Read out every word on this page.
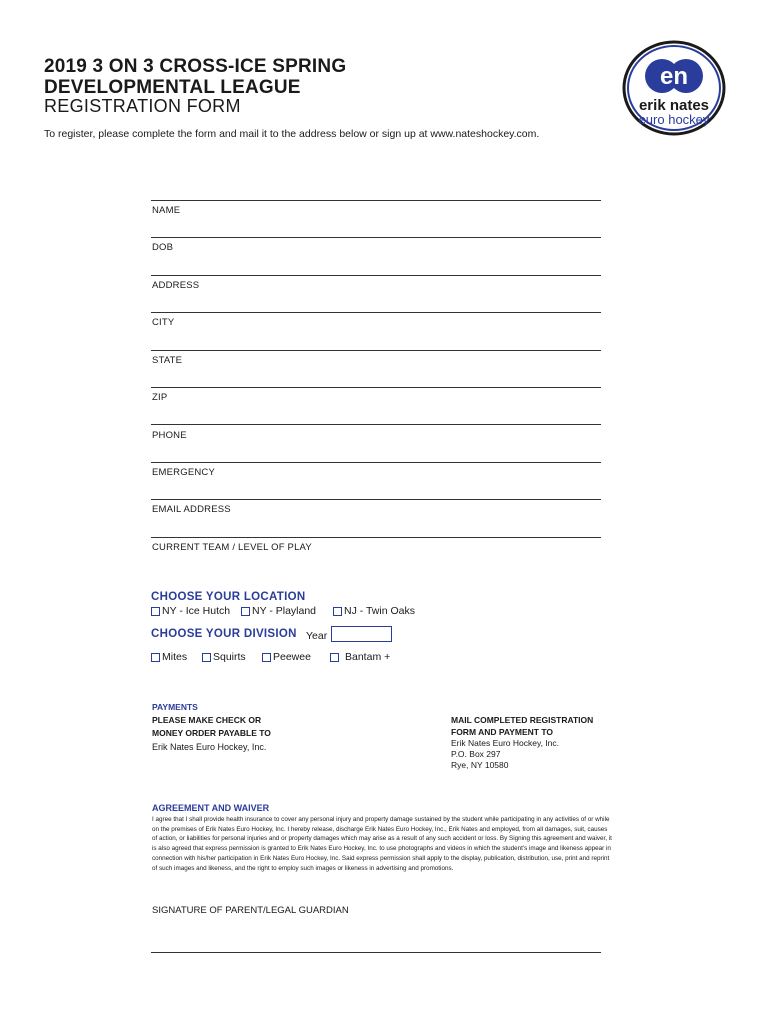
2019 3 ON 3 CROSS-ICE SPRING
DEVELOPMENTAL LEAGUE
REGISTRATION FORM
To register, please complete the form and mail it to the address below or sign up at www.nateshockey.com.
en
erik nates
euro hockey
NAME
DOB
ADDRESS
CITY
STATE
ZIP
PHONE
EMERGENCY
EMAIL ADDRESS
CURRENT TEAM / LEVEL OF PLAY
CHOOSE YOUR LOCATION
NY - Ice Hutch NY - Playland	NJ - Twin Oaks
CHOOSE YOUR DIVISION Year
Mites Squirts	Peewee	Bantam +
PAYMENTS
PLEASE MAKE CHECK OR
MONEY ORDER PAYABLE TO
Erik Nates Euro Hockey, Inc.
MAIL COMPLETED REGISTRATION
FORM AND PAYMENT TO
Erik Nates Euro Hockey, Inc.
P.O. Box 297
Rye, NY 10580
AGREEMENT AND WAIVER
I agree that I shall provide health insurance to cover any personal injury and property damage sustained by the student while participating in any activities of or while on the premises of Erik Nates Euro Hockey, Inc. I hereby release, discharge Erik Nates Euro Hockey, Inc., Erik Nates and employed, from all damages, suit, causes of action, or liabilities for personal injuries and or property damages which may arise as a result of any such accident or loss. By Signing this agreement and waiver, it is also agreed that express permission is granted to Erik Nates Euro Hockey, Inc. to use photographs and videos in which the student's image and likeness appear in connection with his/her participation in Erik Nates Euro Hockey, Inc. Said express permission shall apply to the display, publication, distribution, use, print and reprint of such images and likeness, and the right to employ such images or likeness in advertising and promotions.
SIGNATURE OF PARENT/LEGAL GUARDIAN
